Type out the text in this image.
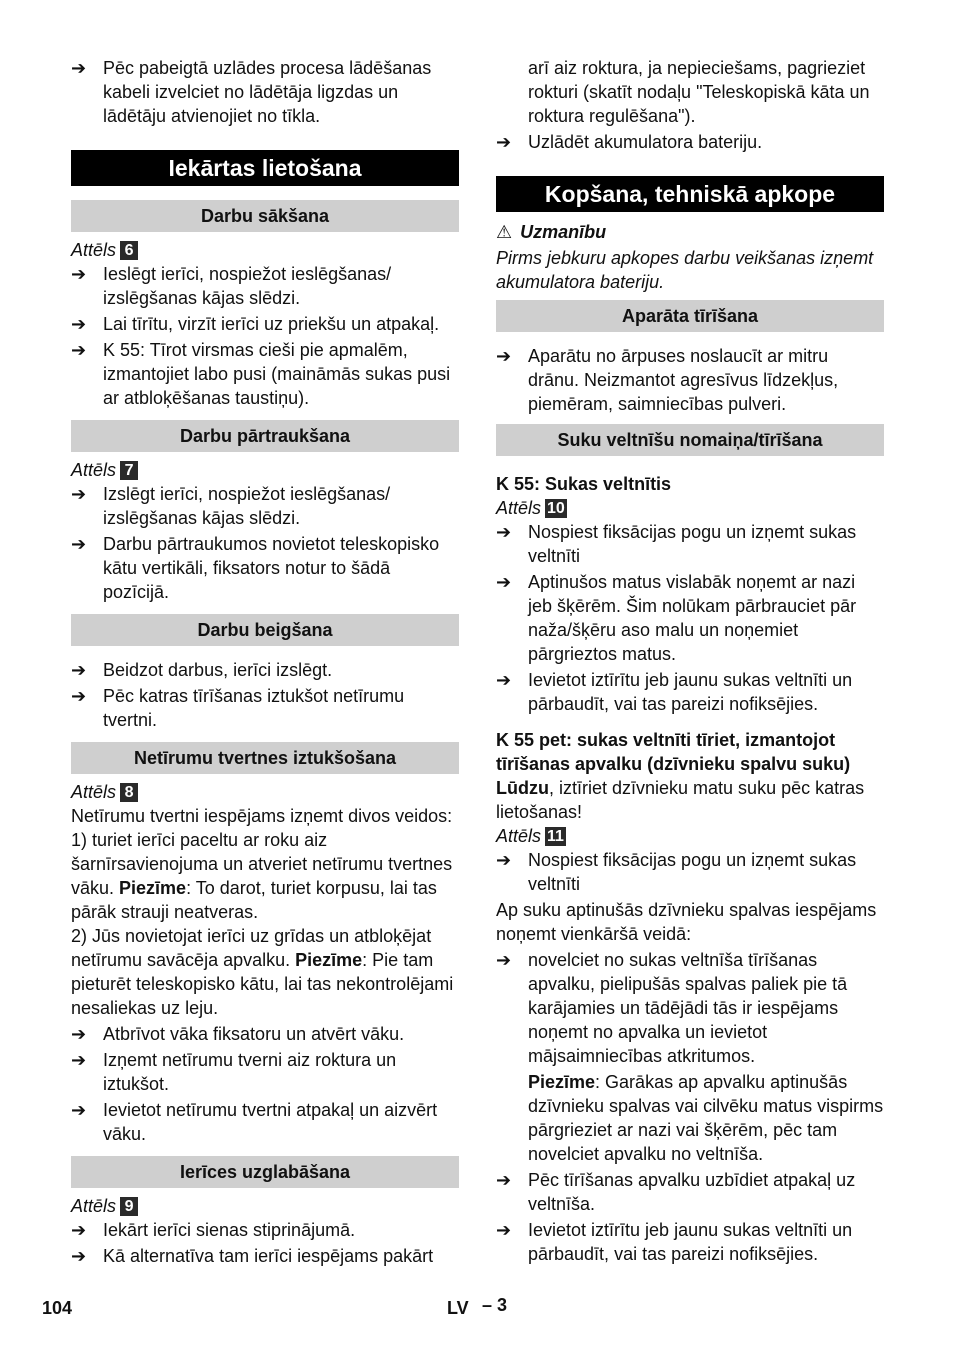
➔ Pēc pabeigtā uzlādes procesa lādēšanas kabeli izvelciet no lādētāja ligzdas un lādētāju atvienojiet no tīkla.
Iekārtas lietošana
Darbu sākšana

Attēls 6

➔ Ieslēgt ierīci, nospiežot ieslēgšanas/ izslēgšanas kājas slēdzi.
➔ Lai tīrītu, virzīt ierīci uz priekšu un atpakaļ.
➔ K 55: Tīrot virsmas cieši pie apmalēm, izmantojiet labo pusi (maināmās sukas pusi ar atbloķēšanas taustiņu).
Darbu pārtraukšana

Attēls 7

➔ Izslēgt ierīci, nospiežot ieslēgšanas/ izslēgšanas kājas slēdzi.
➔ Darbu pārtraukumos novietot teleskopisko kātu vertikāli, fiksators notur to šādā pozīcijā.
Darbu beigšana
➔ Beidzot darbus, ierīci izslēgt.
➔ Pēc katras tīrīšanas iztukšot netīrumu tvertni.
Netīrumu tvertnes iztukšošana

Attēls 8

Netīrumu tvertni iespējams izņemt divos veidos:

1) turiet ierīci paceltu ar roku aiz šarnīrsavienojuma un atveriet netīrumu tvertnes vāku. Piezīme: To darot, turiet korpusu, lai tas pārāk strauji neatveras.

2) Jūs novietojat ierīci uz grīdas un atbloķējat netīrumu savācēja apvalku. Piezīme: Pie tam pieturēt teleskopisko kātu, lai tas nekontrolējami nesaliekas uz leju.

➔ Atbrīvot vāka fiksatoru un atvērt vāku.
➔ Izņemt netīrumu tverni aiz roktura un iztukšot.
➔ Ievietot netīrumu tvertni atpakaļ un aizvērt vāku.
Ierīces uzglabāšana

Attēls 9

➔ Iekārt ierīci sienas stiprinājumā.
➔ Kā alternatīva tam ierīci iespējams pakārt
arī aiz roktura, ja nepieciešams, pagrieziet rokturi (skatīt nodaļu "Teleskopiskā kāta un roktura regulēšana").
➔ Uzlādēt akumulatora bateriju.
Kopšana, tehniskā apkope

⚠ Uzmanību

Pirms jebkuru apkopes darbu veikšanas izņemt akumulatora bateriju.

Aparāta tīrīšana
➔ Aparātu no ārpuses noslaucīt ar mitru drānu. Neizmantot agresīvus līdzekļus, piemēram, saimniecības pulveri.
Suku veltnīšu nomaiņa/tīrīšana

K 55: Sukas veltnītis

Attēls 10

➔ Nospiest fiksācijas pogu un izņemt sukas veltnīti
➔ Aptinušos matus vislabāk noņemt ar nazi jeb šķērēm. Šim nolūkam pārbrauciet pār naža/šķēru aso malu un noņemiet pārgrieztos matus.
➔ Ievietot iztīrītu jeb jaunu sukas veltnīti un pārbaudīt, vai tas pareizi nofiksējies.

K 55 pet: sukas veltnīti tīriet, izmantojot tīrīšanas apvalku (dzīvnieku spalvu suku)

Lūdzu, iztīriet dzīvnieku matu suku pēc katras lietošanas!

Attēls 11

➔ Nospiest fiksācijas pogu un izņemt sukas veltnīti

Ap suku aptinušās dzīvnieku spalvas iespējams noņemt vienkāršā veidā:

➔ novelciet no sukas veltnīša tīrīšanas apvalku, pielipušās spalvas paliek pie tā karājamies un tādējādi tās ir iespējams noņemt no apvalka un ievietot mājsaimniecības atkritumos.
Piezīme: Garākas ap apvalku aptinušās dzīvnieku spalvas vai cilvēku matus vispirms pārgrieziet ar nazi vai šķērēm, pēc tam novelciet apvalku no veltnīša.
➔ Pēc tīrīšanas apvalku uzbīdiet atpakaļ uz veltnīša.
➔ Ievietot iztīrītu jeb jaunu sukas veltnīti un pārbaudīt, vai tas pareizi nofiksējies.
104	LV – 3
